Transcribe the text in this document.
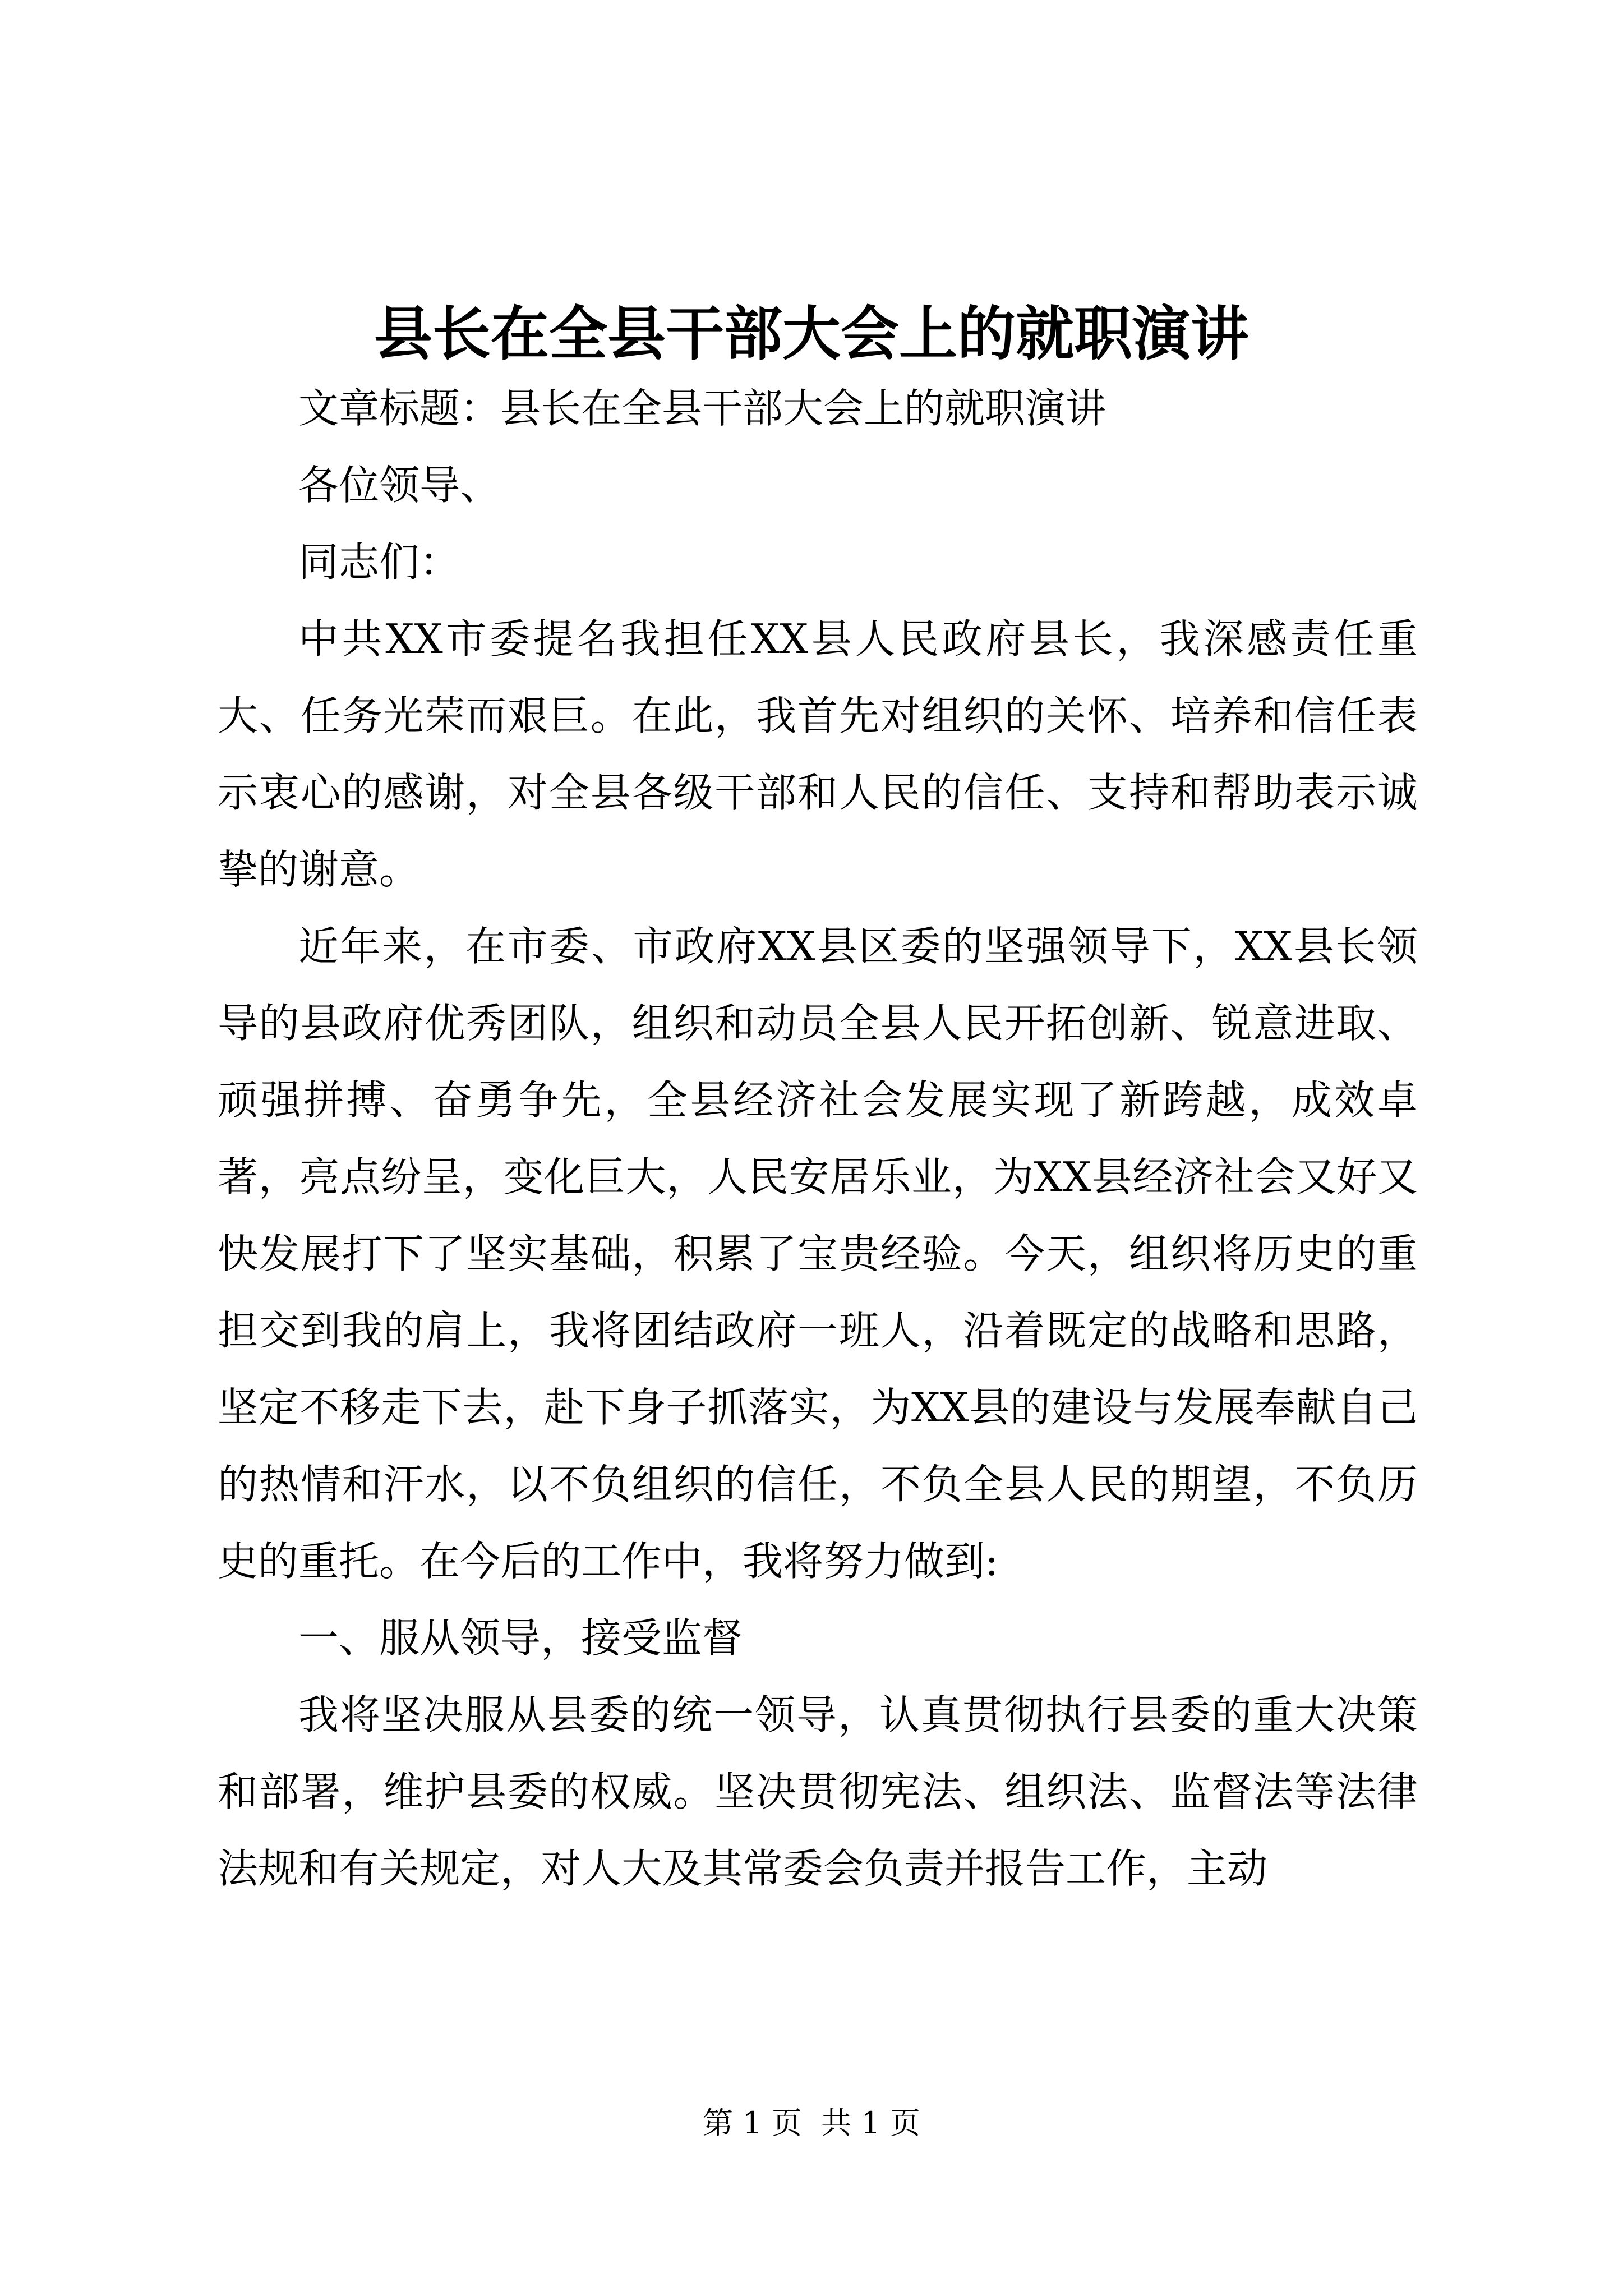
县长在全县干部大会上的就职演讲

文章标题：县长在全县干部大会上的就职演讲

各位领导、

同志们：

中共XX市委提名我担任XX县人民政府县长，我深感责任重大、任务光荣而艰巨。在此，我首先对组织的关怀、培养和信任表示衷心的感谢，对全县各级干部和人民的信任、支持和帮助表示诚挚的谢意。

近年来，在市委、市政府XX县区委的坚强领导下，XX县长领导的县政府优秀团队，组织和动员全县人民开拓创新、锐意进取、顽强拼搏、奋勇争先，全县经济社会发展实现了新跨越，成效卓著，亮点纷呈，变化巨大，人民安居乐业，为XX县经济社会又好又快发展打下了坚实基础，积累了宝贵经验。今天，组织将历史的重担交到我的肩上，我将团结政府一班人，沿着既定的战略和思路，坚定不移走下去，赴下身子抓落实，为XX县的建设与发展奉献自己的热情和汗水，以不负组织的信任，不负全县人民的期望，不负历史的重托。在今后的工作中，我将努力做到:

一、服从领导，接受监督

我将坚决服从县委的统一领导，认真贯彻执行县委的重大决策和部署，维护县委的权威。坚决贯彻宪法、组织法、监督法等法律法规和有关规定，对人大及其常委会负责并报告工作，主动

第 1 页  共 1 页
